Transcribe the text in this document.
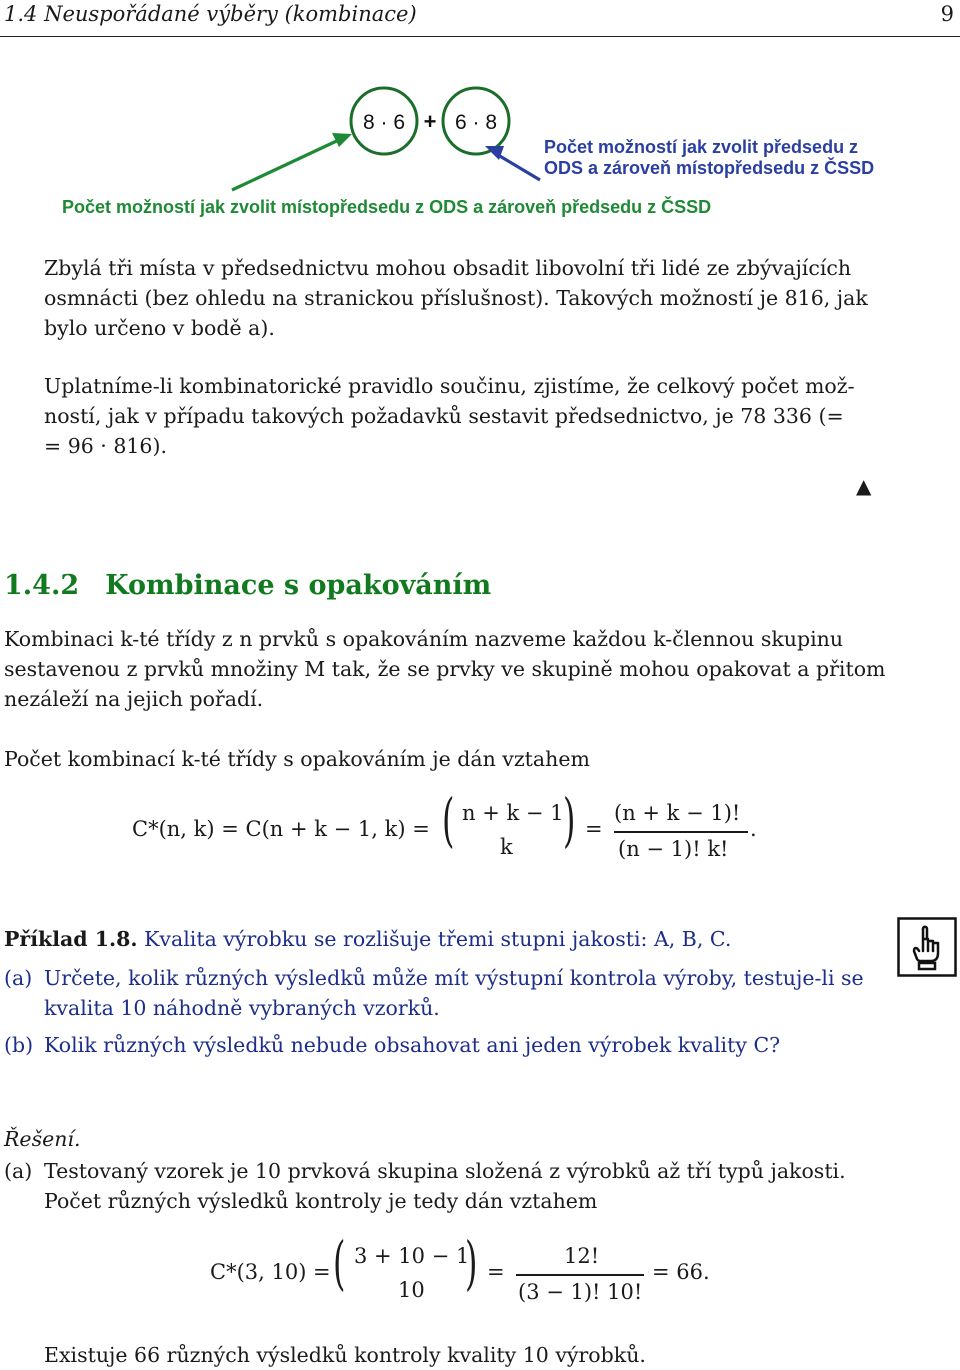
1.4 Neuspořádané výběry (kombinace)	9
8 · 6 + 6 · 8
Počet možností jak zvolit předsedu z
ODS a zároveň místopředsedu z ČSSD
Počet možností jak zvolit místopředsedu z ODS a zároveň předsedu z ČSSD
Zbylá tři místa v předsednictvu mohou obsadit libovolní tři lidé ze zbývajících
osmnácti (bez ohledu na stranickou příslušnost). Takových možností je 816, jak
bylo určeno v bodě a).
Uplatníme-li kombinatorické pravidlo součinu, zjistíme, že celkový počet mož-
ností, jak v případu takových požadavků sestavit předsednictvo, je 78 336 (=
= 96 · 816).
▲
1.4.2 Kombinace s opakováním
Kombinaci k-té třídy z n prvků s opakováním nazveme každou k-člennou skupinu
sestavenou z prvků množiny M tak, že se prvky ve skupině mohou opakovat a přitom
nezáleží na jejich pořadí.
Počet kombinací k-té třídy s opakováním je dán vztahem
C*(n, k) = C(n + k − 1, k) = ( n + k − 1
k ) =
(n + k − 1)!
(n − 1)! k!
.
Příklad 1.8. Kvalita výrobku se rozlišuje třemi stupni jakosti: A, B, C.
(a) Určete, kolik různých výsledků může mít výstupní kontrola výroby, testuje-li se
kvalita 10 náhodně vybraných vzorků.
(b) Kolik různých výsledků nebude obsahovat ani jeden výrobek kvality C?
Řešení.
(a) Testovaný vzorek je 10 prvková skupina složená z výrobků až tří typů jakosti.
Počet různých výsledků kontroly je tedy dán vztahem
C*(3, 10) = ( 3 + 10 − 1
10 ) =
12!
(3 − 1)! 10!
= 66.
Existuje 66 různých výsledků kontroly kvality 10 výrobků.
